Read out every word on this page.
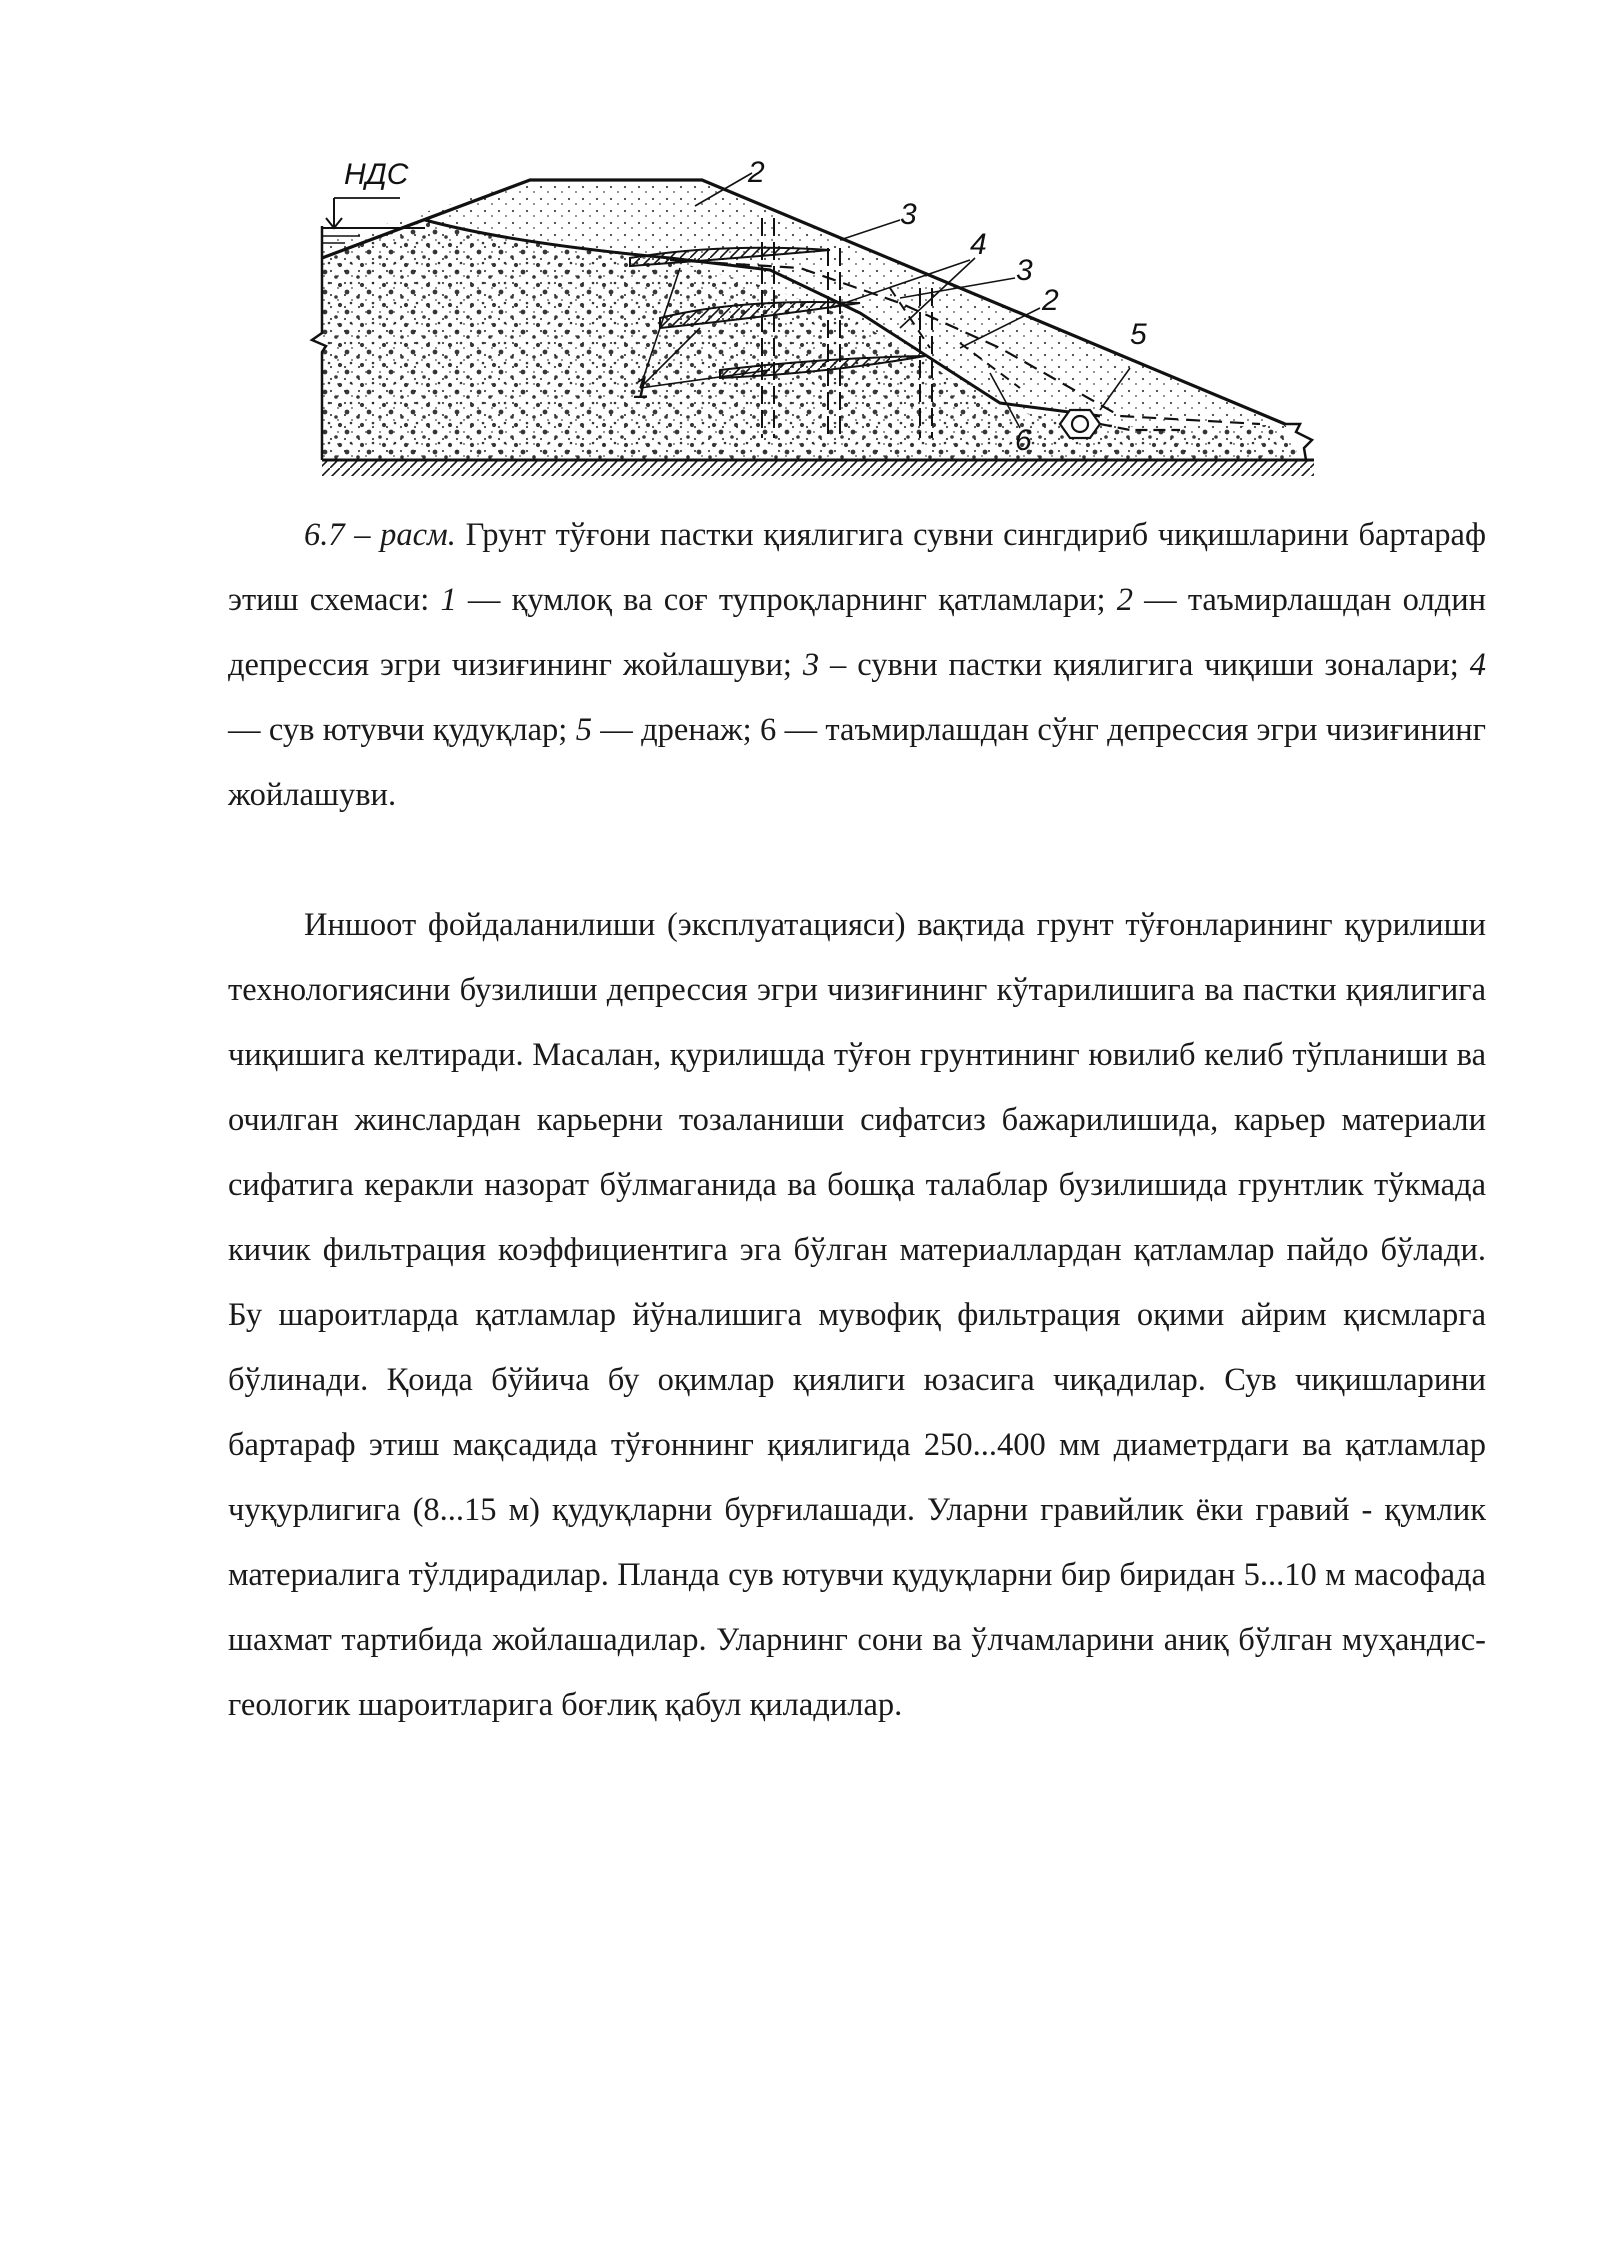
НДС	2
3
4
3
2
5
6
1

6.7 – расм. Грунт тўғони пастки қиялигига сувни сингдириб чиқишларини бартараф этиш схемаси: 1 — қумлоқ ва соғ тупроқларнинг қатламлари; 2 — таъмирлашдан олдин депрессия эгри чизиғининг жойлашуви; 3 – сувни пастки қиялигига чиқиши зоналари; 4 — сув ютувчи қудуқлар; 5 — дренаж; 6 — таъмирлашдан сўнг депрессия эгри чизиғининг жойлашуви.

Иншоот фойдаланилиши (эксплуатацияси) вақтида грунт тўғонларининг қурилиши технологиясини бузилиши депрессия эгри чизиғининг кўтарилишига ва пастки қиялигига чиқишига келтиради. Масалан, қурилишда тўғон грунтининг ювилиб келиб тўпланиши ва очилган жинслардан карьерни тозаланиши сифатсиз бажарилишида, карьер материали сифатига керакли назорат бўлмаганида ва бошқа талаблар бузилишида грунтлик тўкмада кичик фильтрация коэффициентига эга бўлган материаллардан қатламлар пайдо бўлади. Бу шароитларда қатламлар йўналишига мувофиқ фильтрация оқими айрим қисмларга бўлинади. Қоида бўйича бу оқимлар қиялиги юзасига чиқадилар. Сув чиқишларини бартараф этиш мақсадида тўғоннинг қиялигида 250...400 мм диаметрдаги ва қатламлар чуқурлигига (8...15 м) қудуқларни бурғилашади. Уларни гравийлик ёки гравий - қумлик материалига тўлдирадилар. Планда сув ютувчи қудуқларни бир биридан 5...10 м масофада шахмат тартибида жойлашадилар. Уларнинг сони ва ўлчамларини аниқ бўлган муҳандис-геологик шароитларига боғлиқ қабул қиладилар.
